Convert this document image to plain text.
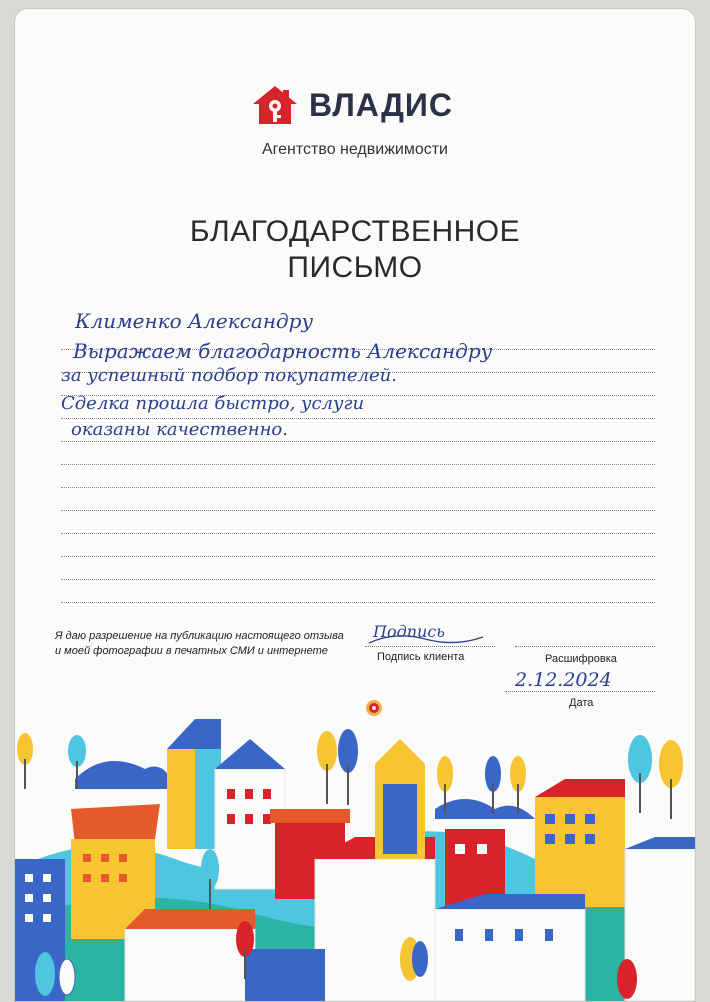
ВЛАДИС
Агентство недвижимости
БЛАГОДАРСТВЕННОЕ
ПИСЬМО
Клименко Александру
Выражаем благодарность Александру
за успешный подбор покупателей.
Сделка прошла быстро, услуги
оказаны качественно.
Я даю разрешение на публикацию настоящего отзыва
и моей фотографии в печатных СМИ и интернете
Подпись
Подпись клиента	Расшифровка
2.12.2024
Дата
